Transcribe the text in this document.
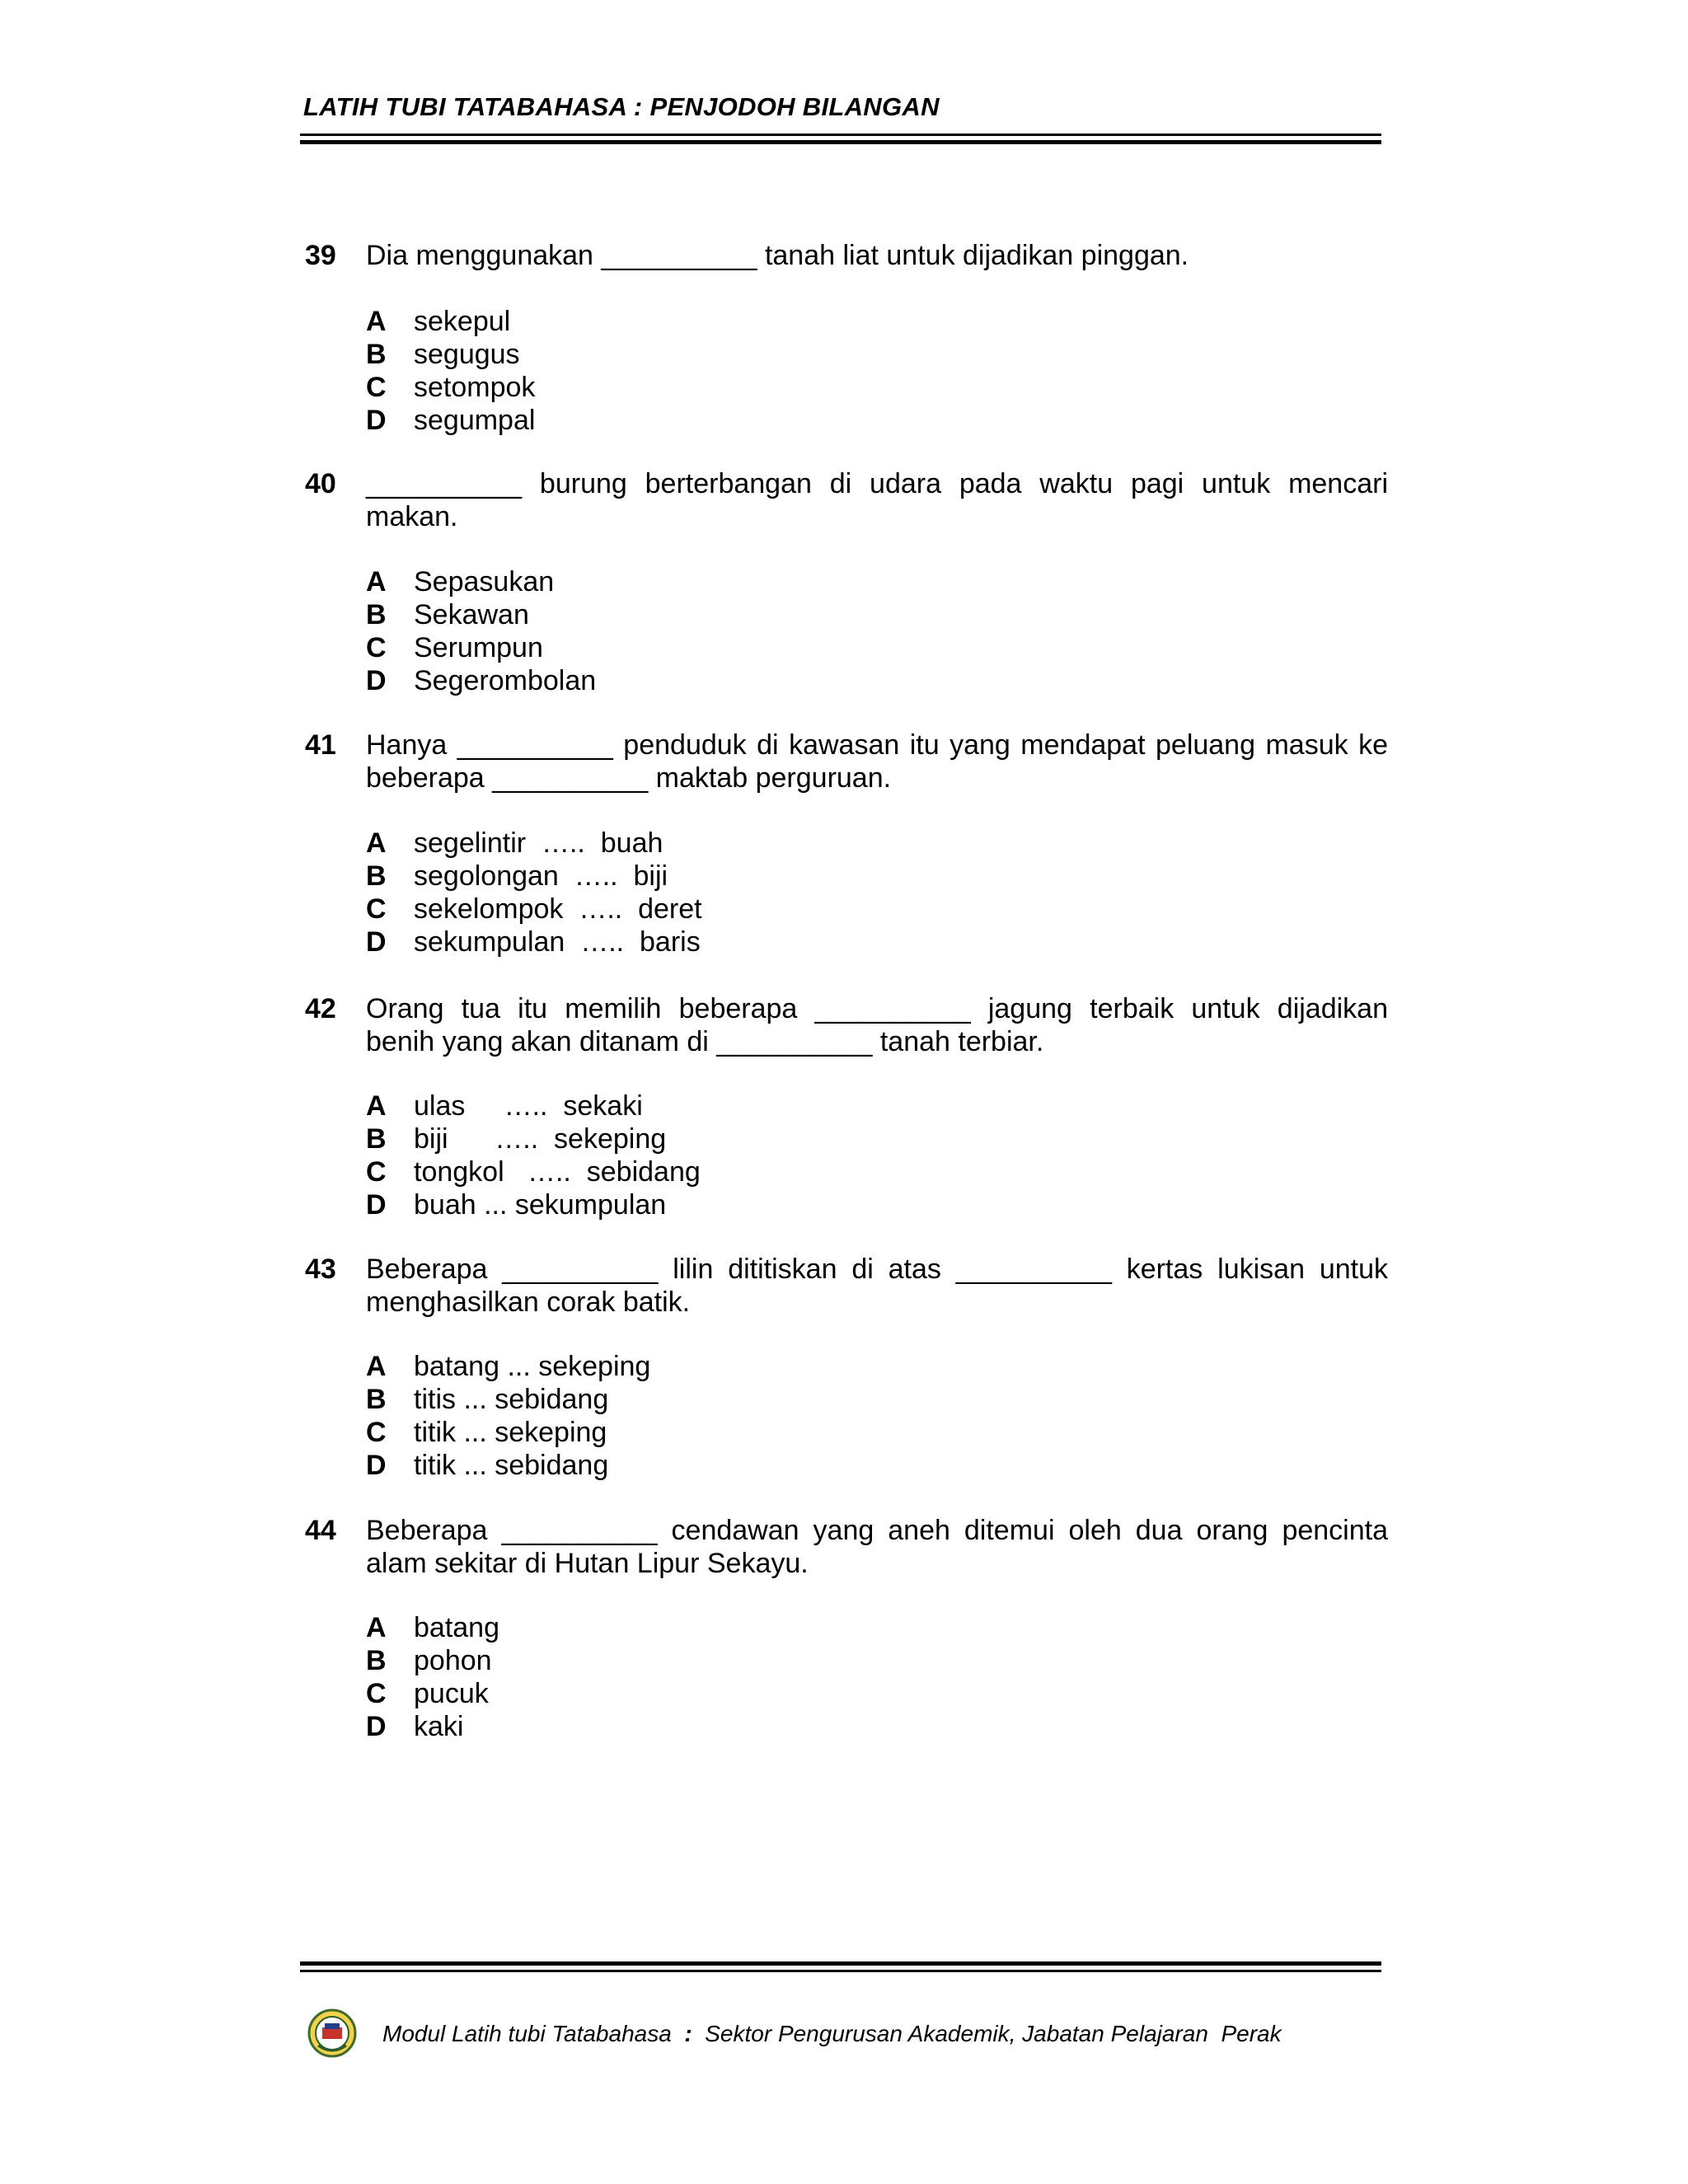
LATIH TUBI TATABAHASA : PENJODOH BILANGAN
39	Dia menggunakan __________ tanah liat untuk dijadikan pinggan.
A sekepul
B segugus
C setompok
D segumpal
40	__________ burung berterbangan di udara pada waktu pagi untuk mencari
makan.
A Sepasukan
B Sekawan
C Serumpun
D Segerombolan
41	Hanya __________ penduduk di kawasan itu yang mendapat peluang masuk ke
beberapa __________ maktab perguruan.
A segelintir  …..  buah
B segolongan  …..  biji
C sekelompok  …..  deret
D sekumpulan  …..  baris
42	Orang tua itu memilih beberapa __________ jagung terbaik untuk dijadikan
benih yang akan ditanam di __________ tanah terbiar.
A ulas     …..  sekaki
B biji      …..  sekeping
C tongkol   …..  sebidang
D buah ... sekumpulan
43	Beberapa __________ lilin dititiskan di atas __________ kertas lukisan untuk
menghasilkan corak batik.
A batang ... sekeping
B titis ... sebidang
C titik ... sekeping
D titik ... sebidang
44	Beberapa __________ cendawan yang aneh ditemui oleh dua orang pencinta
alam sekitar di Hutan Lipur Sekayu.
A batang
B pohon
C pucuk
D kaki
Modul Latih tubi Tatabahasa : Sektor Pengurusan Akademik, Jabatan Pelajaran  Perak
